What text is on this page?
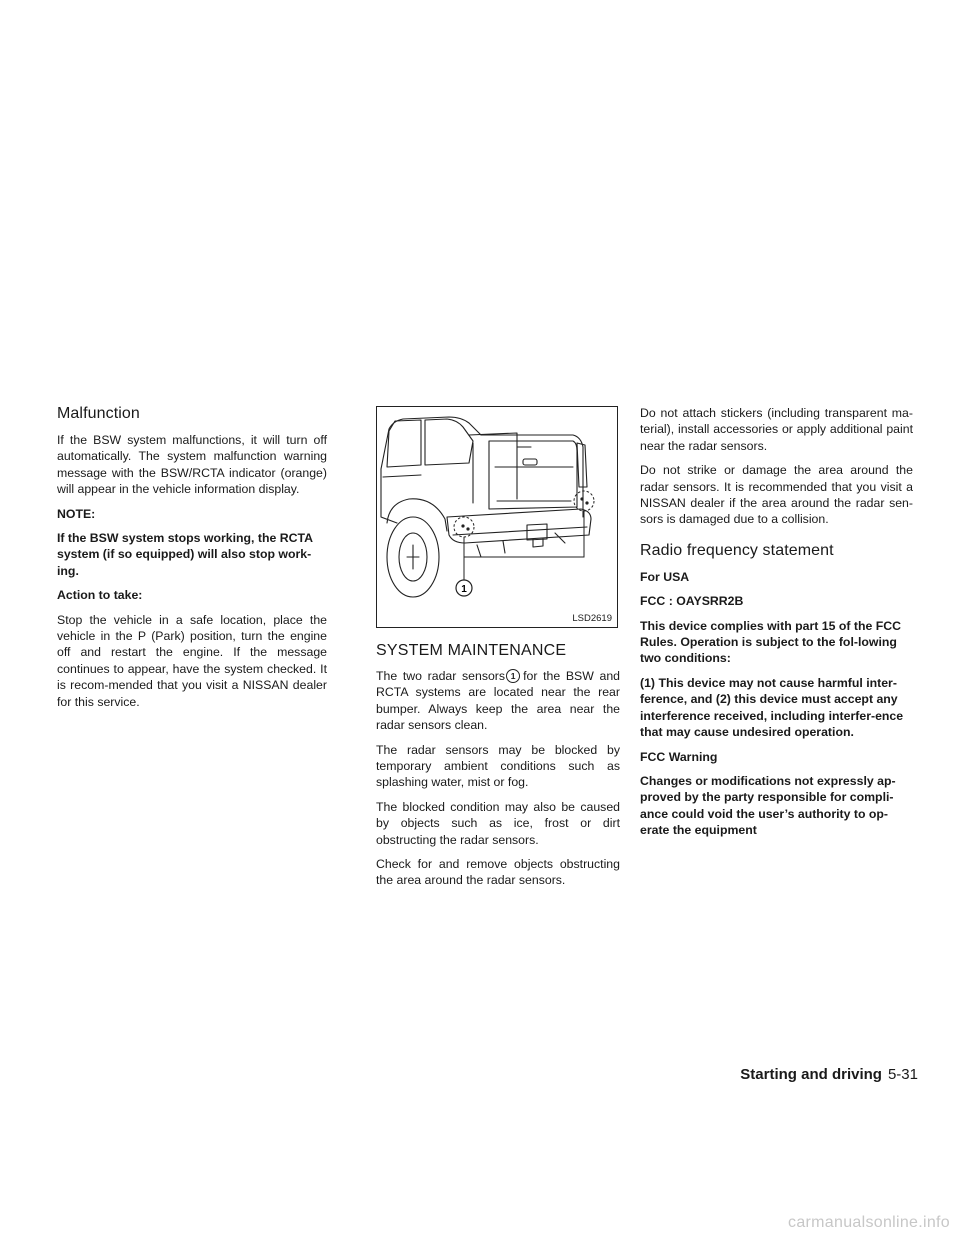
Malfunction

If the BSW system malfunctions, it will turn off automatically. The system malfunction warning message with the BSW/RCTA indicator (orange) will appear in the vehicle information display.

NOTE:

If the BSW system stops working, the RCTA system (if so equipped) will also stop work-ing.

Action to take:

Stop the vehicle in a safe location, place the vehicle in the P (Park) position, turn the engine off and restart the engine. If the message continues to appear, have the system checked. It is recom-mended that you visit a NISSAN dealer for this service.

1
LSD2619
SYSTEM MAINTENANCE

The two radar sensors 1 for the BSW and RCTA systems are located near the rear bumper. Always keep the area near the radar sensors clean.

The radar sensors may be blocked by temporary ambient conditions such as splashing water, mist or fog.

The blocked condition may also be caused by objects such as ice, frost or dirt obstructing the radar sensors.

Check for and remove objects obstructing the area around the radar sensors.

Do not attach stickers (including transparent ma-terial), install accessories or apply additional paint near the radar sensors.

Do not strike or damage the area around the radar sensors. It is recommended that you visit a NISSAN dealer if the area around the radar sen-sors is damaged due to a collision.

Radio frequency statement

For USA

FCC : OAYSRR2B

This device complies with part 15 of the FCC Rules. Operation is subject to the fol-lowing two conditions:

(1) This device may not cause harmful inter-ference, and (2) this device must accept any interference received, including interfer-ence that may cause undesired operation.

FCC Warning

Changes or modifications not expressly ap-proved by the party responsible for compli-ance could void the user’s authority to op-erate the equipment

Starting and driving 5-31
carmanualsonline.info
